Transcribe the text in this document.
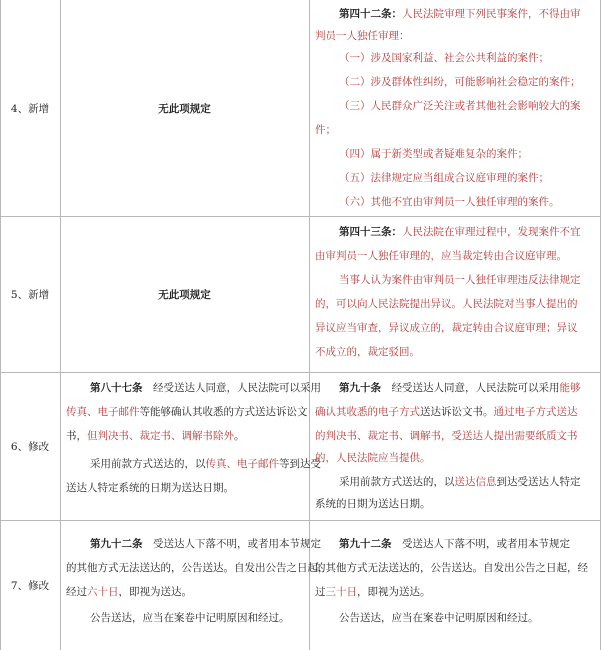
4、新增	无此项规定
第四十二条：人民法院审理下列民事案件，不得由审
判员一人独任审理：
（一）涉及国家利益、社会公共利益的案件；
（二）涉及群体性纠纷，可能影响社会稳定的案件；
（三）人民群众广泛关注或者其他社会影响较大的案
件；
（四）属于新类型或者疑难复杂的案件；
（五）法律规定应当组成合议庭审理的案件；
（六）其他不宜由审判员一人独任审理的案件。
5、新增	无此项规定
第四十三条：人民法院在审理过程中，发现案件不宜
由审判员一人独任审理的，应当裁定转由合议庭审理。
当事人认为案件由审判员一人独任审理违反法律规定
的，可以向人民法院提出异议。人民法院对当事人提出的
异议应当审查，异议成立的，裁定转由合议庭审理；异议
不成立的，裁定驳回。
6、修改
第八十七条　经受送达人同意，人民法院可以采用
传真、电子邮件等能够确认其收悉的方式送达诉讼文
书，但判决书、裁定书、调解书除外。
采用前款方式送达的，以传真、电子邮件等到达受
送达人特定系统的日期为送达日期。
第九十条　经受送达人同意，人民法院可以采用能够
确认其收悉的电子方式送达诉讼文书。通过电子方式送达
的判决书、裁定书、调解书，受送达人提出需要纸质文书
的，人民法院应当提供。
采用前款方式送达的，以送达信息到达受送达人特定
系统的日期为送达日期。
7、修改
第九十二条　受送达人下落不明，或者用本节规定
的其他方式无法送达的，公告送达。自发出公告之日起，
经过六十日，即视为送达。
公告送达，应当在案卷中记明原因和经过。
第九十二条　受送达人下落不明，或者用本节规定
的其他方式无法送达的，公告送达。自发出公告之日起，经
过三十日，即视为送达。
公告送达，应当在案卷中记明原因和经过。
